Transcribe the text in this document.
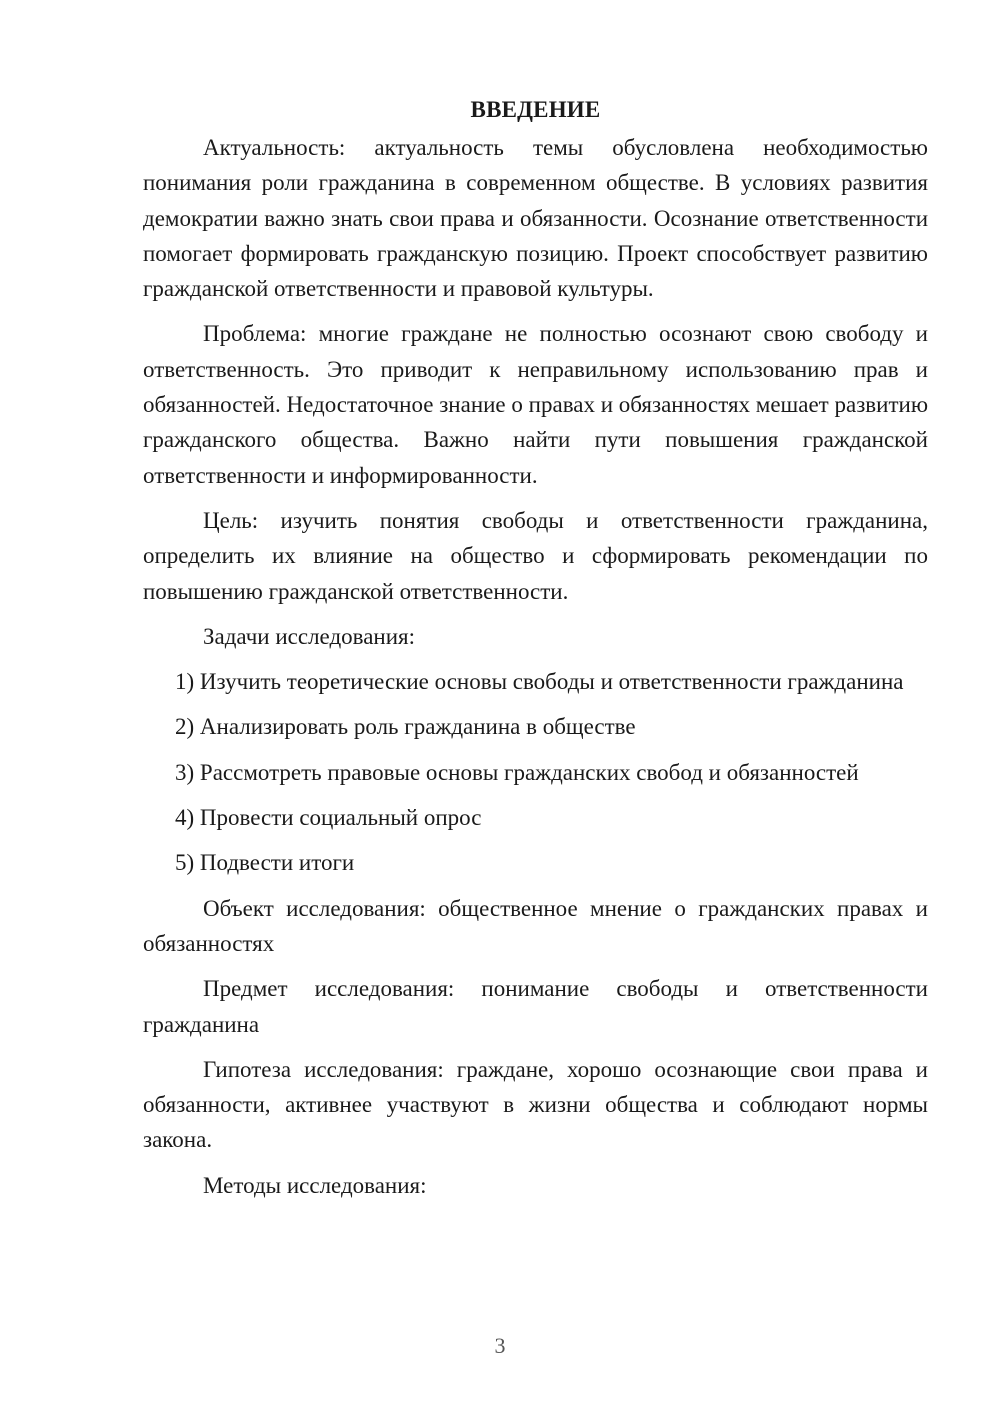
ВВЕДЕНИЕ

Актуальность: актуальность темы обусловлена необходимостью понимания роли гражданина в современном обществе. В условиях развития демократии важно знать свои права и обязанности. Осознание ответственности помогает формировать гражданскую позицию. Проект способствует развитию гражданской ответственности и правовой культуры.

Проблема: многие граждане не полностью осознают свою свободу и ответственность. Это приводит к неправильному использованию прав и обязанностей. Недостаточное знание о правах и обязанностях мешает развитию гражданского общества. Важно найти пути повышения гражданской ответственности и информированности.

Цель: изучить понятия свободы и ответственности гражданина, определить их влияние на общество и сформировать рекомендации по повышению гражданской ответственности.

Задачи исследования:

1) Изучить теоретические основы свободы и ответственности гражданина

2) Анализировать роль гражданина в обществе

3) Рассмотреть правовые основы гражданских свобод и обязанностей

4) Провести социальный опрос

5) Подвести итоги

Объект исследования: общественное мнение о гражданских правах и обязанностях

Предмет исследования: понимание свободы и ответственности гражданина

Гипотеза исследования: граждане, хорошо осознающие свои права и обязанности, активнее участвуют в жизни общества и соблюдают нормы закона.

Методы исследования:

3
